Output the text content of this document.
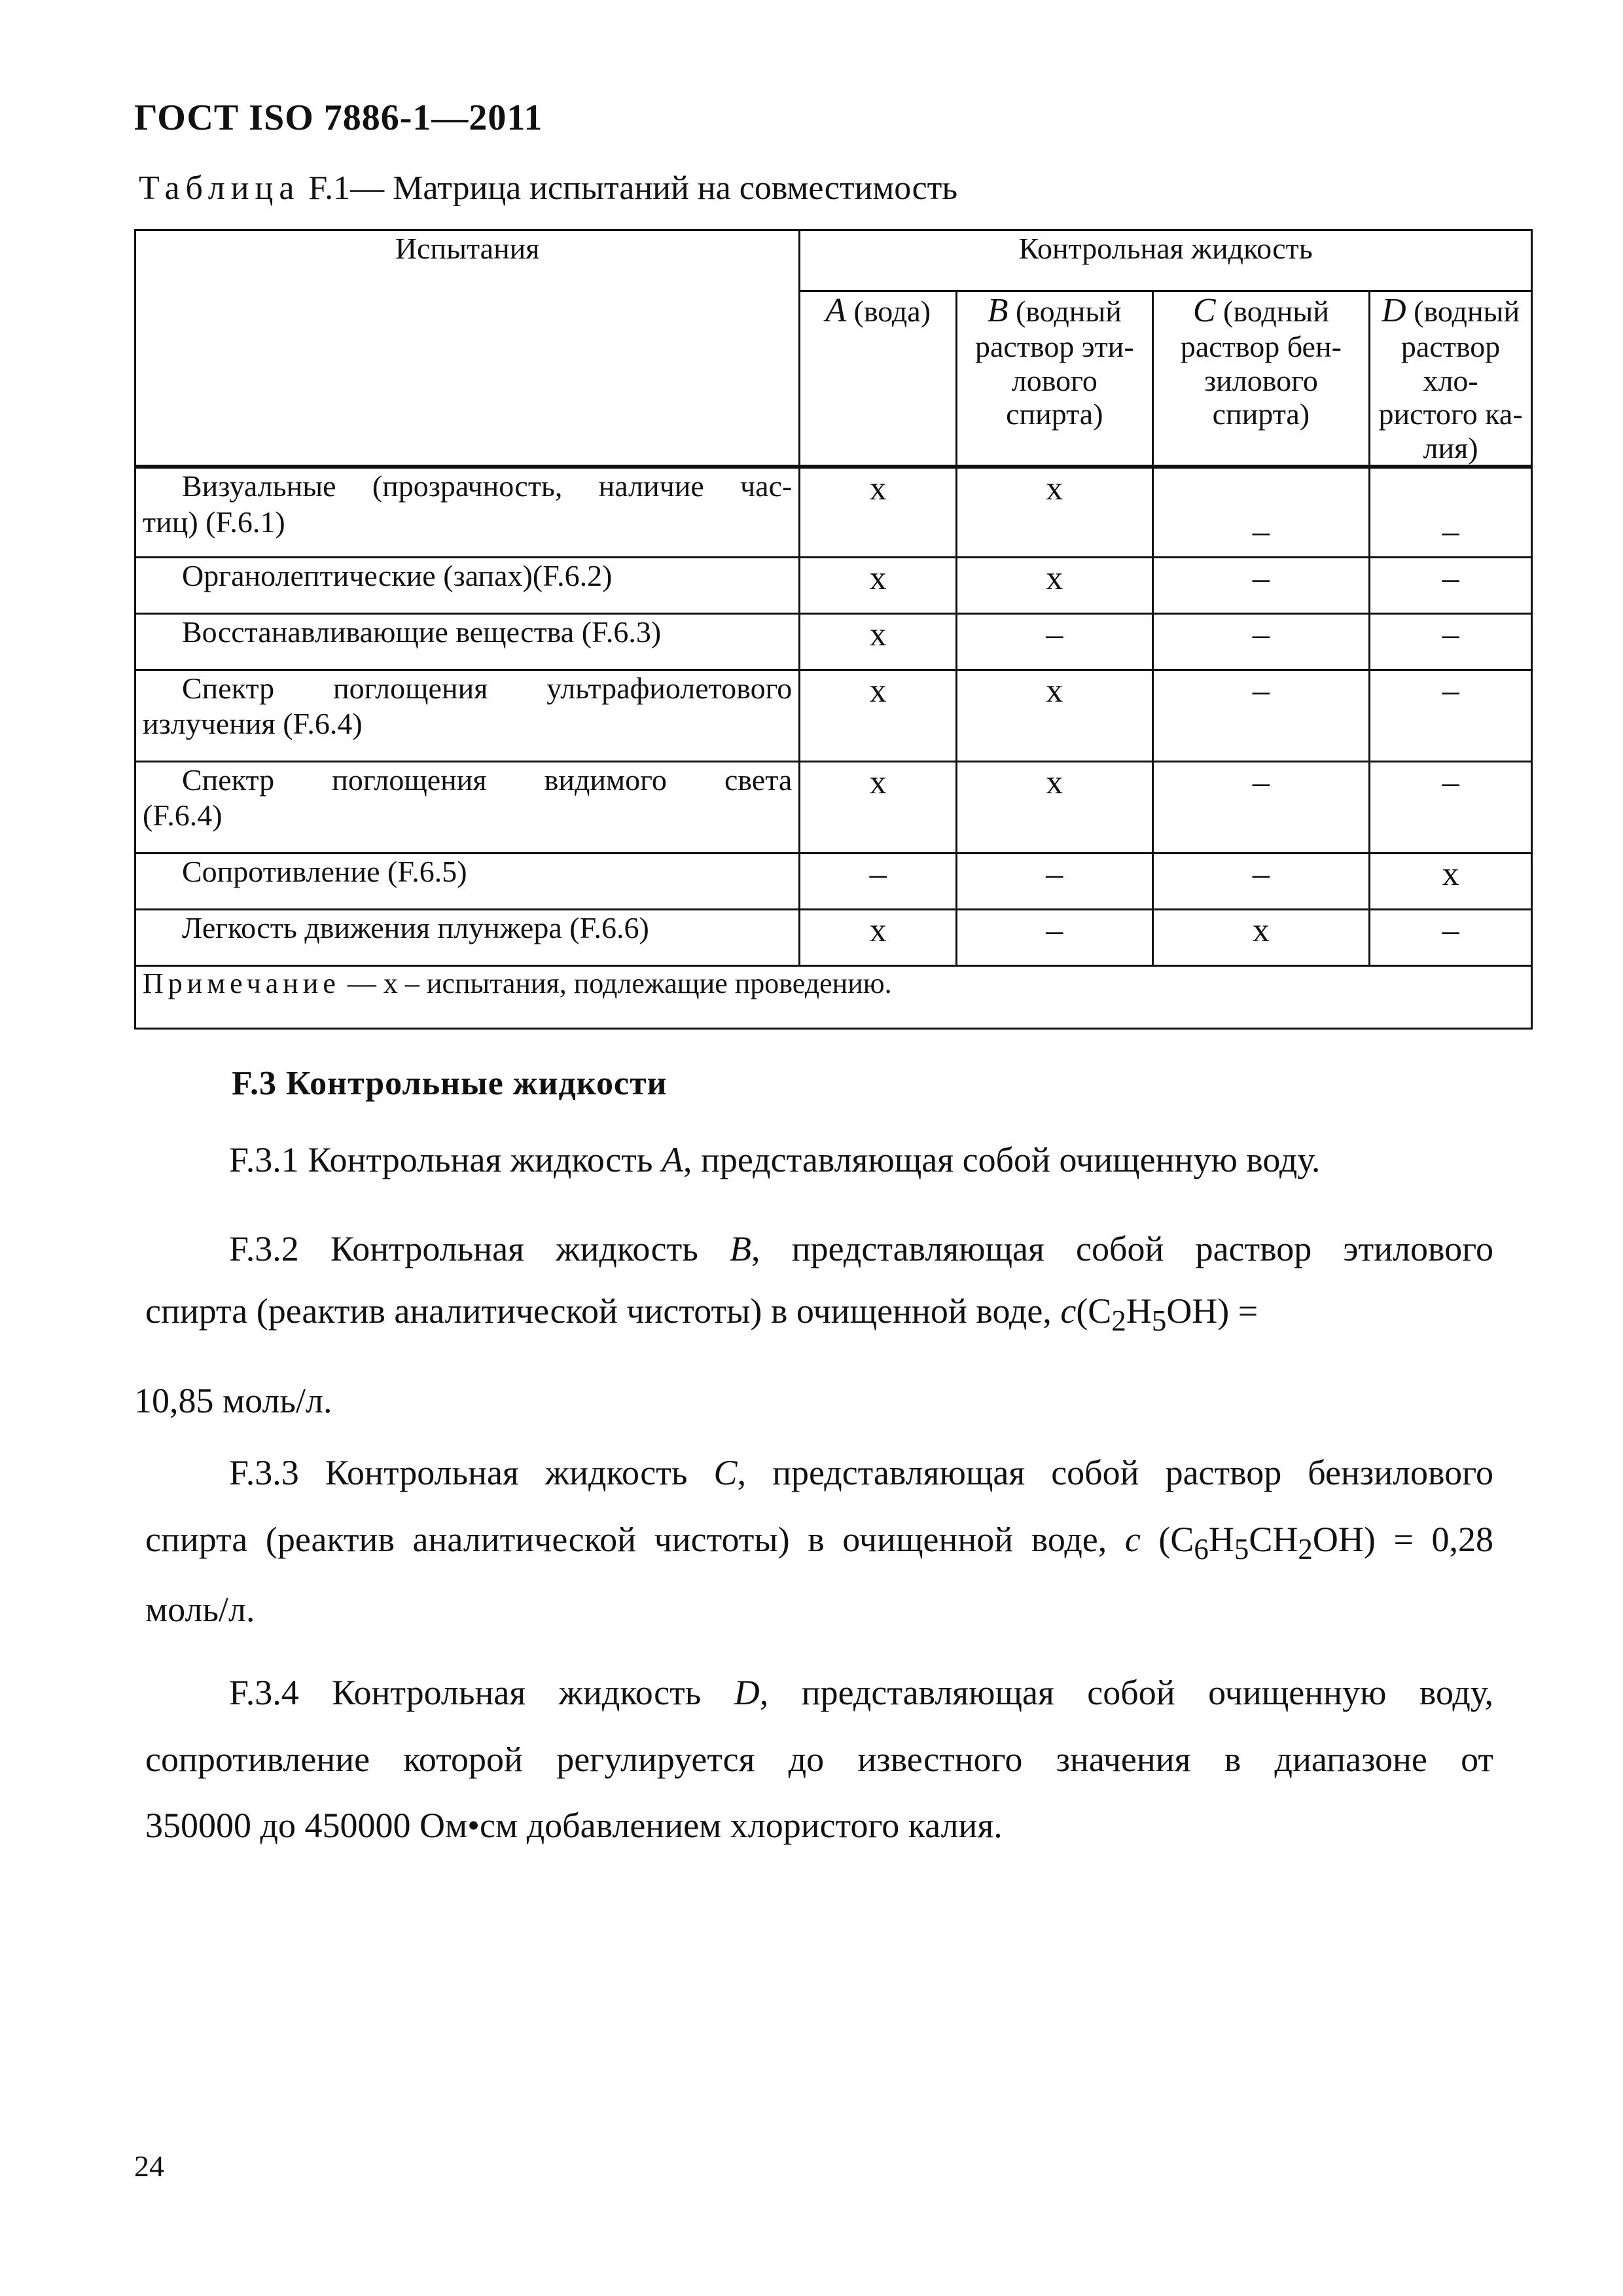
ГОСТ ISO 7886-1—2011
Таблица F.1— Матрица испытаний на совместимость
Испытания	Контрольная жидкость			
	A (вода)	B (водный раствор эти-лового спирта)	C (водный раствор бен-зилового спирта)	D (водный раствор хло-ристого ка-лия)

Визуальные (прозрачность, наличие час-
тиц) (F.6.1)	x	x	–	–
Органолептические (запах)(F.6.2)	x	x	–	–
Восстанавливающие вещества (F.6.3)	x	–	–	–

Спектр поглощения ультрафиолетового
излучения (F.6.4)	x	x	–	–

Спектр поглощения видимого света
(F.6.4)	x	x	–	–
Сопротивление (F.6.5)	–	–	–	x
Легкость движения плунжера (F.6.6)	x	–	x	–
Примечание — x – испытания, подлежащие проведению.				
F.3 Контрольные жидкости
F.3.1 Контрольная жидкость A, представляющая собой очищенную воду.
F.3.2 Контрольная жидкость B, представляющая собой раствор этилового
спирта (реактив аналитической чистоты) в очищенной воде, $c(C_2H_5OH)$ =
10,85 моль/л.
F.3.3 Контрольная жидкость C, представляющая собой раствор бензилового
спирта (реактив аналитической чистоты) в очищенной воде, c $(C_6H_5CH_2OH) = 0,28$
моль/л.
F.3.4 Контрольная жидкость D, представляющая собой очищенную воду,
сопротивление которой регулируется до известного значения в диапазоне от
350000 до 450000 Ом•см добавлением хлористого калия.
24
